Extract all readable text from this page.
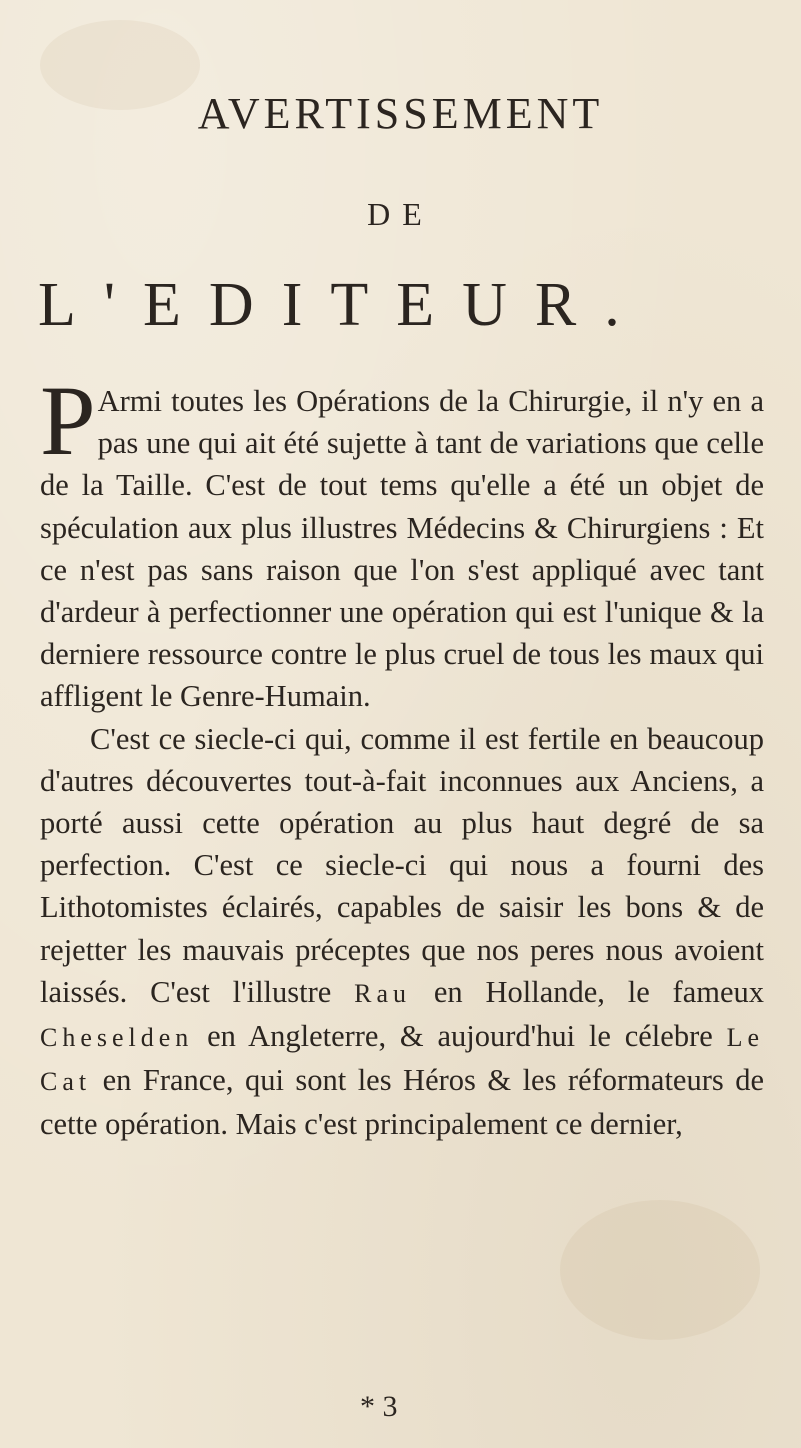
AVERTISSEMENT
DE
L'EDITEUR.

P Armi toutes les Opérations de la Chirurgie, il n'y en a pas une qui ait été sujette à tant de variations que celle de la Taille. C'est de tout tems qu'elle a été un objet de spéculation aux plus illustres Médecins & Chirurgiens : Et ce n'est pas sans raison que l'on s'est appliqué avec tant d'ardeur à perfectionner une opération qui est l'unique & la derniere ressource contre le plus cruel de tous les maux qui affligent le Genre-Humain.

C'est ce siecle-ci qui, comme il est fertile en beaucoup d'autres découvertes tout-à-fait inconnues aux Anciens, a porté aussi cette opération au plus haut degré de sa perfection. C'est ce siecle-ci qui nous a fourni des Lithotomistes éclairés, capables de saisir les bons & de rejetter les mauvais préceptes que nos peres nous avoient laissés. C'est l'illustre Rau en Hollande, le fameux Cheselden en Angleterre, & aujourd'hui le célebre Le Cat en France, qui sont les Héros & les réformateurs de cette opération. Mais c'est principalement ce dernier,

* 3
